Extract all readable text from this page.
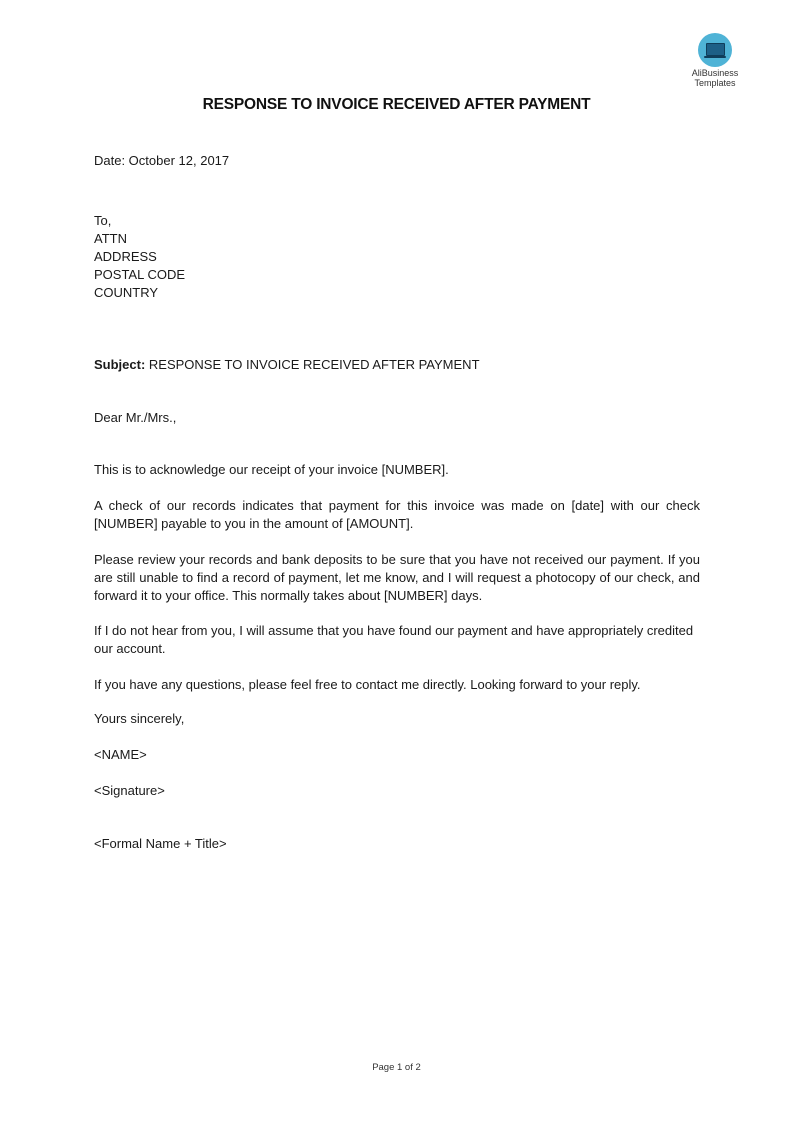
AliBusiness
Templates
RESPONSE TO INVOICE RECEIVED AFTER PAYMENT

Date: October 12, 2017

To,

ATTN

ADDRESS

POSTAL CODE

COUNTRY

Subject: RESPONSE TO INVOICE RECEIVED AFTER PAYMENT

Dear Mr./Mrs.,

This is to acknowledge our receipt of your invoice [NUMBER].

A check of our records indicates that payment for this invoice was made on [date] with our check [NUMBER] payable to you in the amount of [AMOUNT].

Please review your records and bank deposits to be sure that you have not received our payment. If you are still unable to find a record of payment, let me know, and I will request a photocopy of our check, and forward it to your office. This normally takes about [NUMBER] days.

If I do not hear from you, I will assume that you have found our payment and have appropriately credited our account.

If you have any questions, please feel free to contact me directly. Looking forward to your reply.

Yours sincerely,

<NAME>

<Signature>

<Formal Name + Title>

Page 1 of 2
